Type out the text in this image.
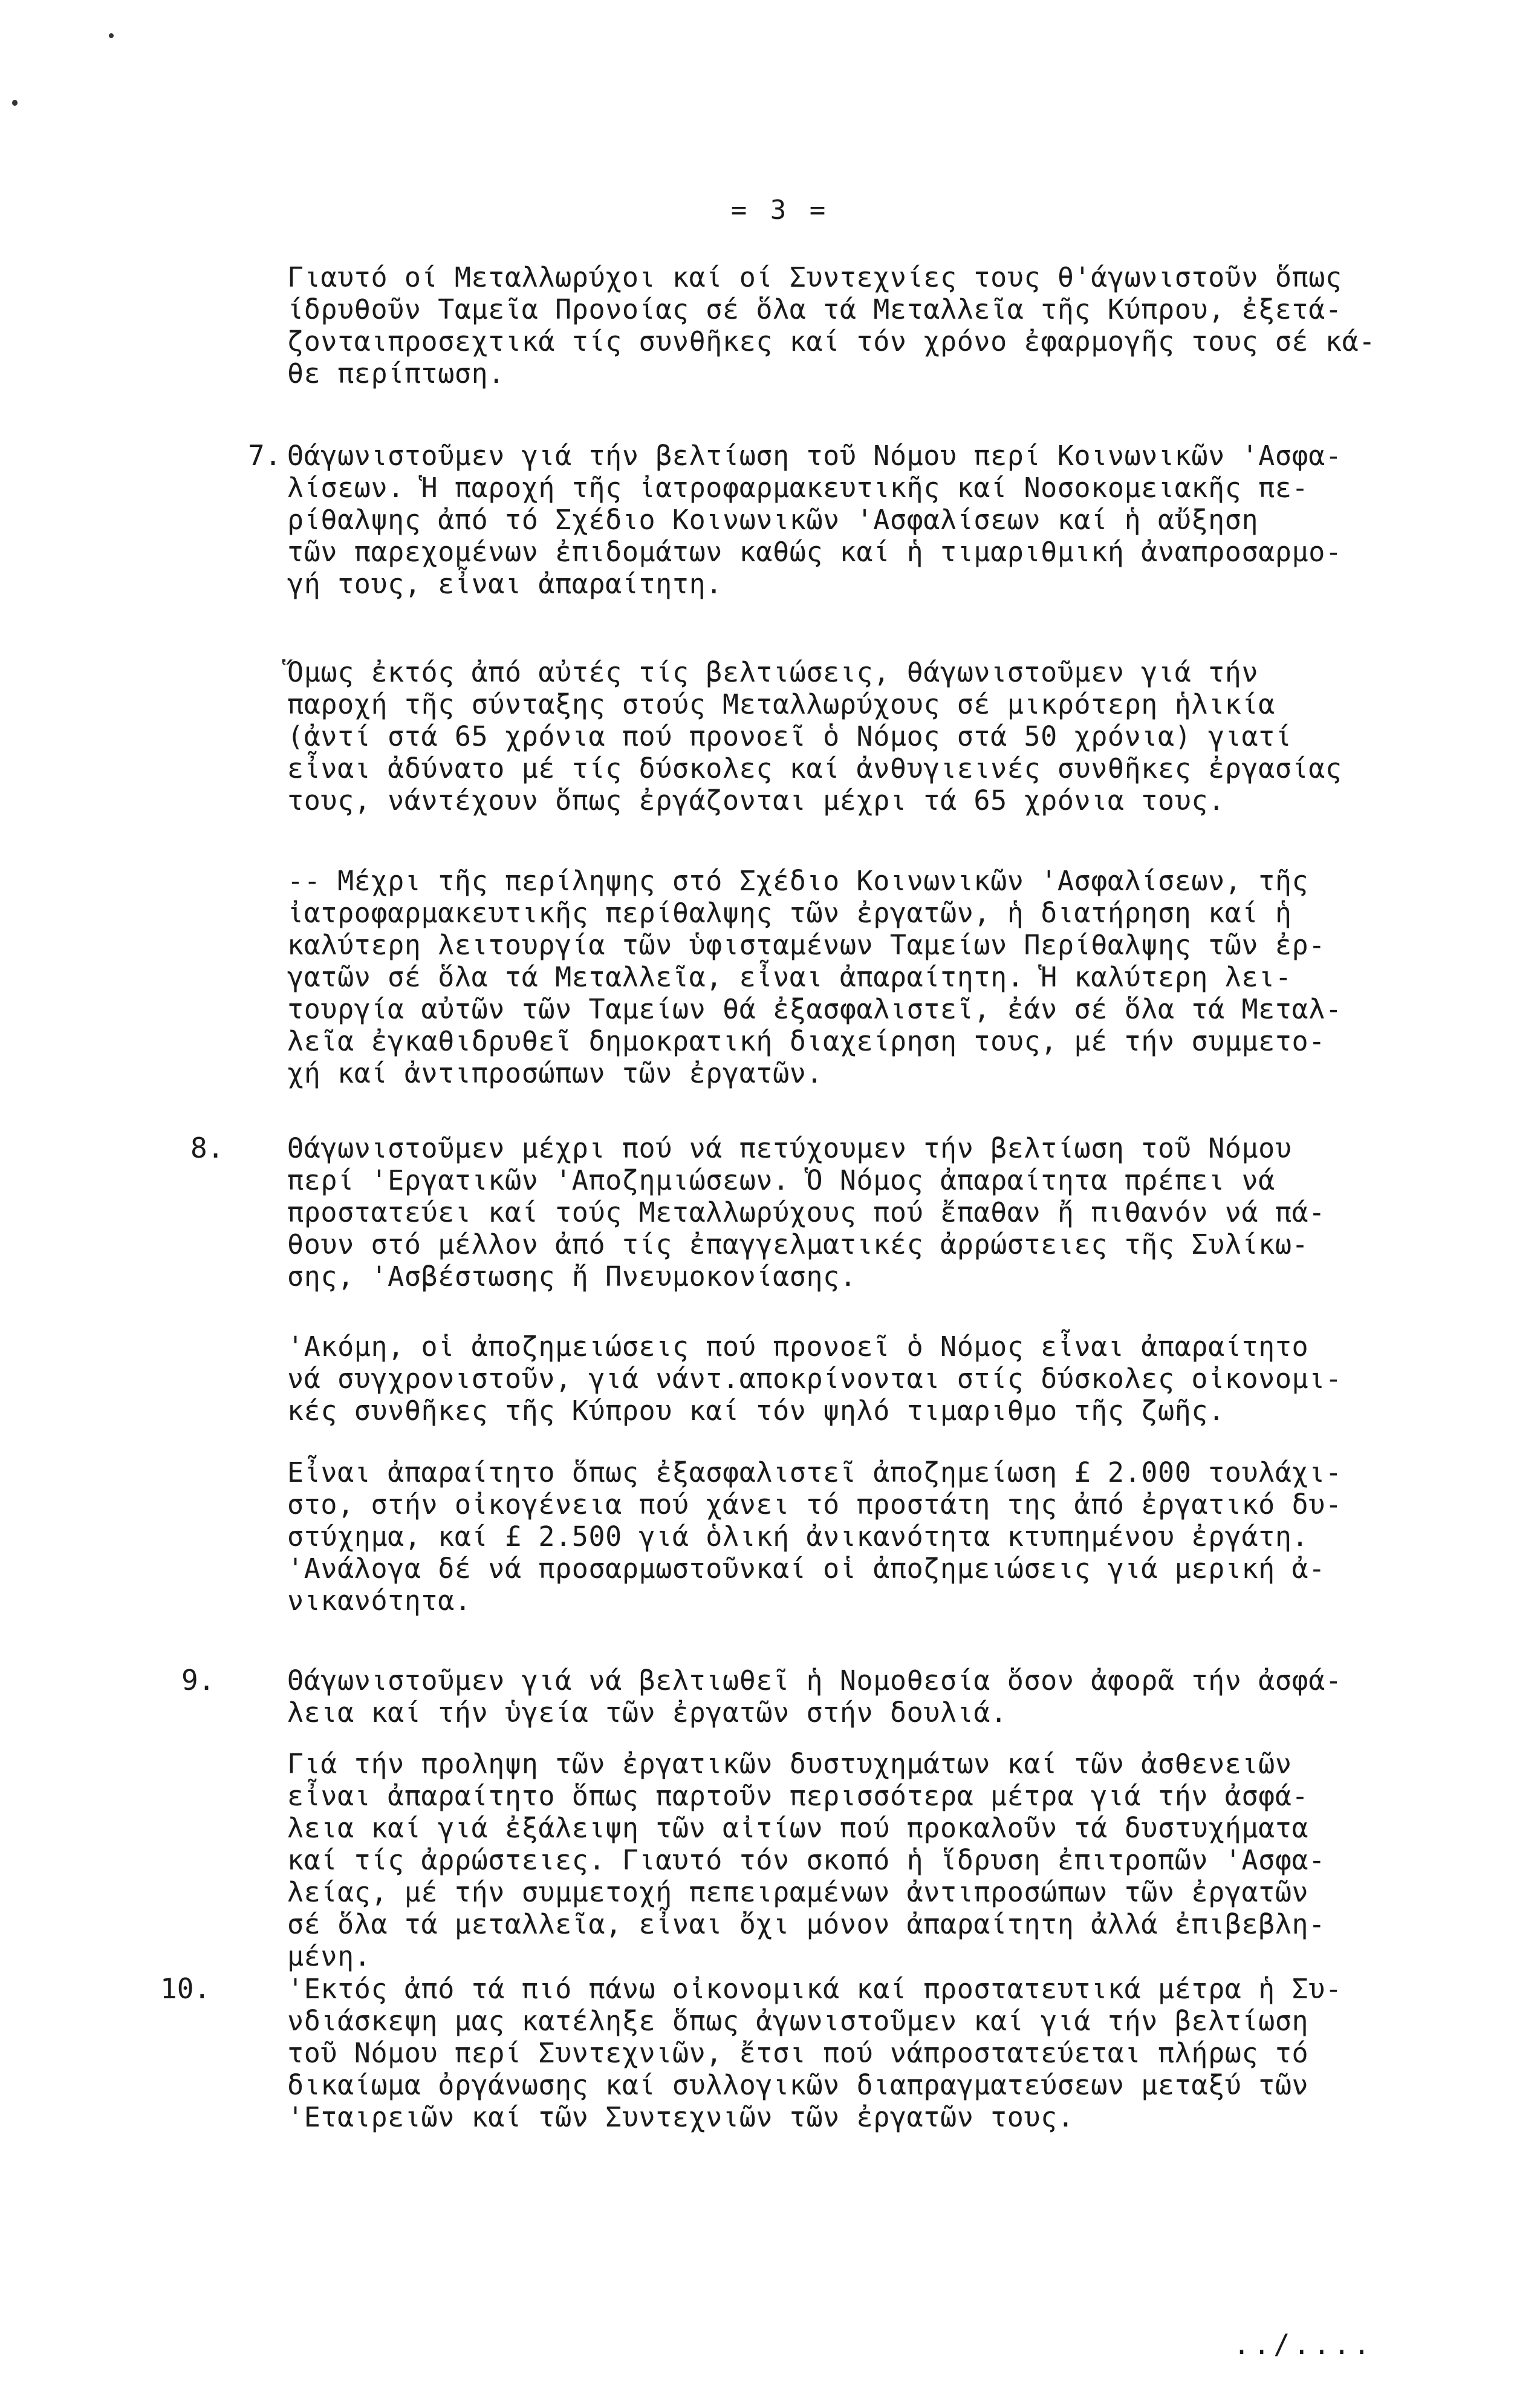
= 3 =
Γιαυτό οί Μεταλλωρύχοι καί οί Συντεχνίες τους θ'άγωνιστοῦν ὅπως
ίδρυθοῦν Ταμεῖα Προνοίας σέ ὅλα τά Μεταλλεῖα τῆς Κύπρου, ἐξετά-
ζονταιπροσεχτικά τίς συνθῆκες καί τόν χρόνο ἐφαρμογῆς τους σέ κά-
θε περίπτωση.
7. Θάγωνιστοῦμεν γιά τήν βελτίωση τοῦ Νόμου περί Κοινωνικῶν 'Ασφα-
λίσεων. Ἡ παροχή τῆς ἰατροφαρμακευτικῆς καί Νοσοκομειακῆς πε-
ρίθαλψης ἀπό τό Σχέδιο Κοινωνικῶν 'Ασφαλίσεων καί ἡ αὔξηση
τῶν παρεχομένων ἐπιδομάτων καθώς καί ἡ τιμαριθμική ἀναπροσαρμο-
γή τους, εἶναι ἀπαραίτητη.
Ὅμως ἐκτός ἀπό αὐτές τίς βελτιώσεις, θάγωνιστοῦμεν γιά τήν
παροχή τῆς σύνταξης στούς Μεταλλωρύχους σέ μικρότερη ἡλικία
(ἀντί στά 65 χρόνια πού προνοεῖ ὁ Νόμος στά 50 χρόνια) γιατί
εἶναι ἀδύνατο μέ τίς δύσκολες καί ἀνθυγιεινές συνθῆκες ἐργασίας
τους, νάντέχουν ὅπως ἐργάζονται μέχρι τά 65 χρόνια τους.
-- Μέχρι τῆς περίληψης στό Σχέδιο Κοινωνικῶν 'Ασφαλίσεων, τῆς
ἰατροφαρμακευτικῆς περίθαλψης τῶν ἐργατῶν, ἡ διατήρηση καί ἡ
καλύτερη λειτουργία τῶν ὑφισταμένων Ταμείων Περίθαλψης τῶν ἐρ-
γατῶν σέ ὅλα τά Μεταλλεῖα, εἶναι ἀπαραίτητη. Ἡ καλύτερη λει-
τουργία αὐτῶν τῶν Ταμείων θά ἐξασφαλιστεῖ, ἐάν σέ ὅλα τά Μεταλ-
λεῖα ἐγκαθιδρυθεῖ δημοκρατική διαχείρηση τους, μέ τήν συμμετο-
χή καί ἀντιπροσώπων τῶν ἐργατῶν.
8. Θάγωνιστοῦμεν μέχρι πού νά πετύχουμεν τήν βελτίωση τοῦ Νόμου
περί 'Εργατικῶν 'Αποζημιώσεων. Ὁ Νόμος ἀπαραίτητα πρέπει νά
προστατεύει καί τούς Μεταλλωρύχους πού ἔπαθαν ἤ πιθανόν νά πά-
θουν στό μέλλον ἀπό τίς ἐπαγγελματικές ἀρρώστειες τῆς Συλίκω-
σης, 'Ασβέστωσης ἤ Πνευμοκονίασης.
'Ακόμη, οἱ ἀποζημειώσεις πού προνοεῖ ὁ Νόμος εἶναι ἀπαραίτητο
νά συγχρονιστοῦν, γιά νάντ.αποκρίνονται στίς δύσκολες οἰκονομι-
κές συνθῆκες τῆς Κύπρου καί τόν ψηλό τιμαριθμο τῆς ζωῆς.
Εἶναι ἀπαραίτητο ὅπως ἐξασφαλιστεῖ ἀποζημείωση £ 2.000 τουλάχι-
στο, στήν οἰκογένεια πού χάνει τό προστάτη της ἀπό ἐργατικό δυ-
στύχημα, καί £ 2.500 γιά ὁλική ἀνικανότητα κτυπημένου ἐργάτη.
'Ανάλογα δέ νά προσαρμωστοῦνκαί οἱ ἀποζημειώσεις γιά μερική ἀ-
νικανότητα.
9.	Θάγωνιστοῦμεν γιά νά βελτιωθεῖ ἡ Νομοθεσία ὅσον ἀφορᾶ τήν ἀσφά-
λεια καί τήν ὑγεία τῶν ἐργατῶν στήν δουλιά.
Γιά τήν προληψη τῶν ἐργατικῶν δυστυχημάτων καί τῶν ἀσθενειῶν
εἶναι ἀπαραίτητο ὅπως παρτοῦν περισσότερα μέτρα γιά τήν ἀσφά-
λεια καί γιά ἐξάλειψη τῶν αἰτίων πού προκαλοῦν τά δυστυχήματα
καί τίς ἀρρώστειες. Γιαυτό τόν σκοπό ἡ ἵδρυση ἐπιτροπῶν 'Ασφα-
λείας, μέ τήν συμμετοχή πεπειραμένων ἀντιπροσώπων τῶν ἐργατῶν
σέ ὅλα τά μεταλλεῖα, εἶναι ὄχι μόνον ἀπαραίτητη ἀλλά ἐπιβεβλη-
μένη.
10.	'Εκτός ἀπό τά πιό πάνω οἰκονομικά καί προστατευτικά μέτρα ἡ Συ-
νδιάσκεψη μας κατέληξε ὅπως ἀγωνιστοῦμεν καί γιά τήν βελτίωση
τοῦ Νόμου περί Συντεχνιῶν, ἔτσι πού νάπροστατεύεται πλήρως τό
δικαίωμα ὀργάνωσης καί συλλογικῶν διαπραγματεύσεων μεταξύ τῶν
'Εταιρειῶν καί τῶν Συντεχνιῶν τῶν ἐργατῶν τους.
../....
